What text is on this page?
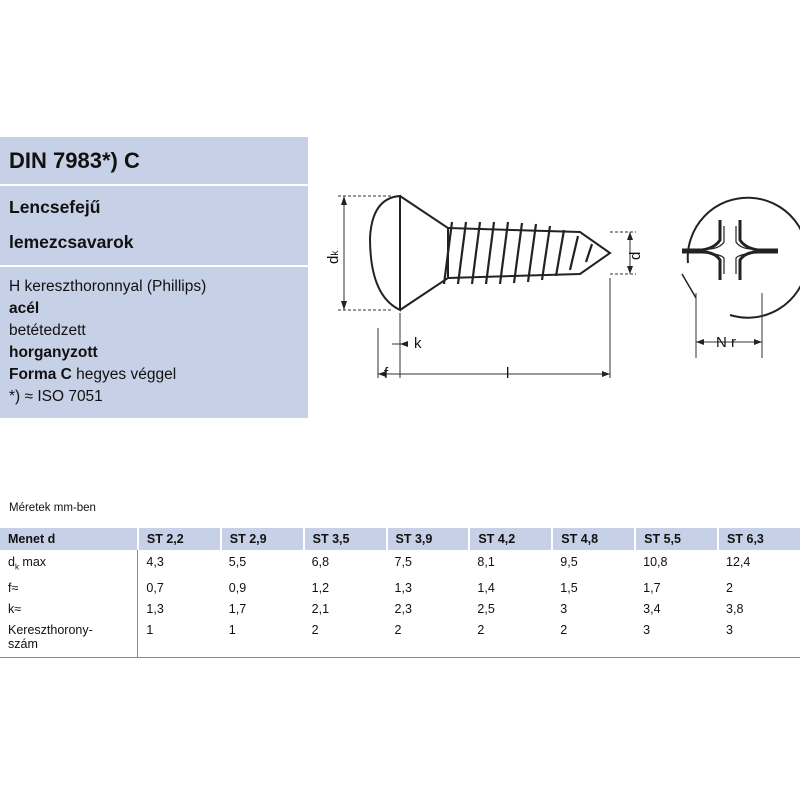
DIN 7983*) C
Lencsefejű
lemezcsavarok
H kereszthoronnyal (Phillips)
acél
betétedzett
horganyzott
Forma C hegyes véggel
*) ≈ ISO 7051
dk	d
k
f	l
N r
Méretek mm-ben
Menet d	ST 2,2	ST 2,9	ST 3,5	ST 3,9	ST 4,2	ST 4,8	ST 5,5	ST 6,3
$d_k$ max	4,3	5,5	6,8	7,5	8,1	9,5	10,8	12,4
f≈	0,7	0,9	1,2	1,3	1,4	1,5	1,7	2
k≈	1,3	1,7	2,1	2,3	2,5	3	3,4	3,8
Kereszthorony-
szám	1	1	2	2	2	2	3	3
